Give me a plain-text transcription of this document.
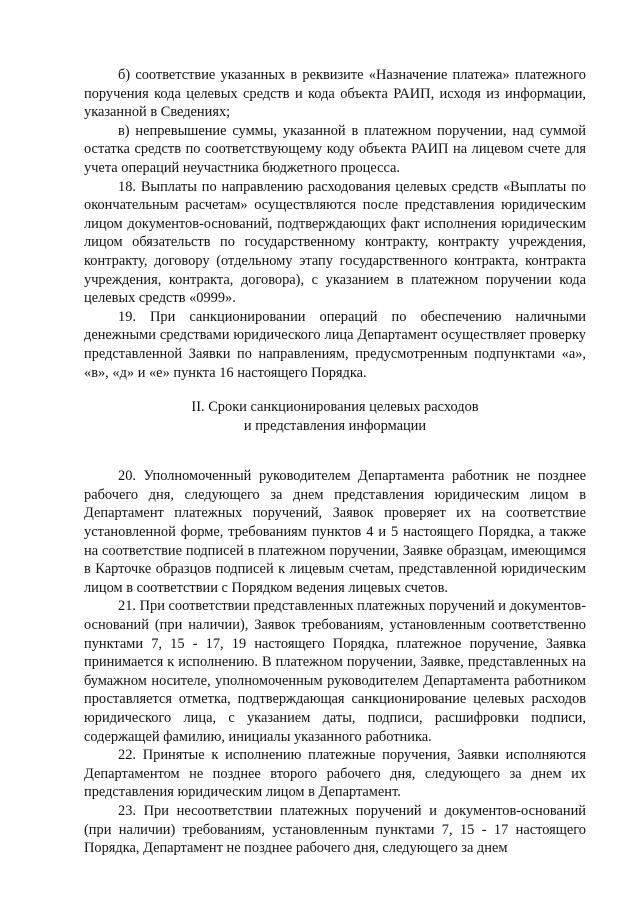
б) соответствие указанных в реквизите «Назначение платежа» платежного поручения кода целевых средств и кода объекта РАИП, исходя из информации, указанной в Сведениях;

в) непревышение суммы, указанной в платежном поручении, над суммой остатка средств по соответствующему коду объекта РАИП на лицевом счете для учета операций неучастника бюджетного процесса.

18. Выплаты по направлению расходования целевых средств «Выплаты по окончательным расчетам» осуществляются после представления юридическим лицом документов-оснований, подтверждающих факт исполнения юридическим лицом обязательств по государственному контракту, контракту учреждения, контракту, договору (отдельному этапу государственного контракта, контракта учреждения, контракта, договора), с указанием в платежном поручении кода целевых средств «0999».

19. При санкционировании операций по обеспечению наличными денежными средствами юридического лица Департамент осуществляет проверку представленной Заявки по направлениям, предусмотренным подпунктами «а», «в», «д» и «е» пункта 16 настоящего Порядка.

II. Сроки санкционирования целевых расходов

и представления информации

20. Уполномоченный руководителем Департамента работник не позднее рабочего дня, следующего за днем представления юридическим лицом в Департамент платежных поручений, Заявок проверяет их на соответствие установленной форме, требованиям пунктов 4 и 5 настоящего Порядка, а также на соответствие подписей в платежном поручении, Заявке образцам, имеющимся в Карточке образцов подписей к лицевым счетам, представленной юридическим лицом в соответствии с Порядком ведения лицевых счетов.

21. При соответствии представленных платежных поручений и документов-оснований (при наличии), Заявок требованиям, установленным соответственно пунктами 7, 15 - 17, 19 настоящего Порядка, платежное поручение, Заявка принимается к исполнению. В платежном поручении, Заявке, представленных на бумажном носителе, уполномоченным руководителем Департамента работником проставляется отметка, подтверждающая санкционирование целевых расходов юридического лица, с указанием даты, подписи, расшифровки подписи, содержащей фамилию, инициалы указанного работника.

22. Принятые к исполнению платежные поручения, Заявки исполняются Департаментом не позднее второго рабочего дня, следующего за днем их представления юридическим лицом в Департамент.

23. При несоответствии платежных поручений и документов-оснований (при наличии) требованиям, установленным пунктами 7, 15 - 17 настоящего Порядка, Департамент не позднее рабочего дня, следующего за днем
